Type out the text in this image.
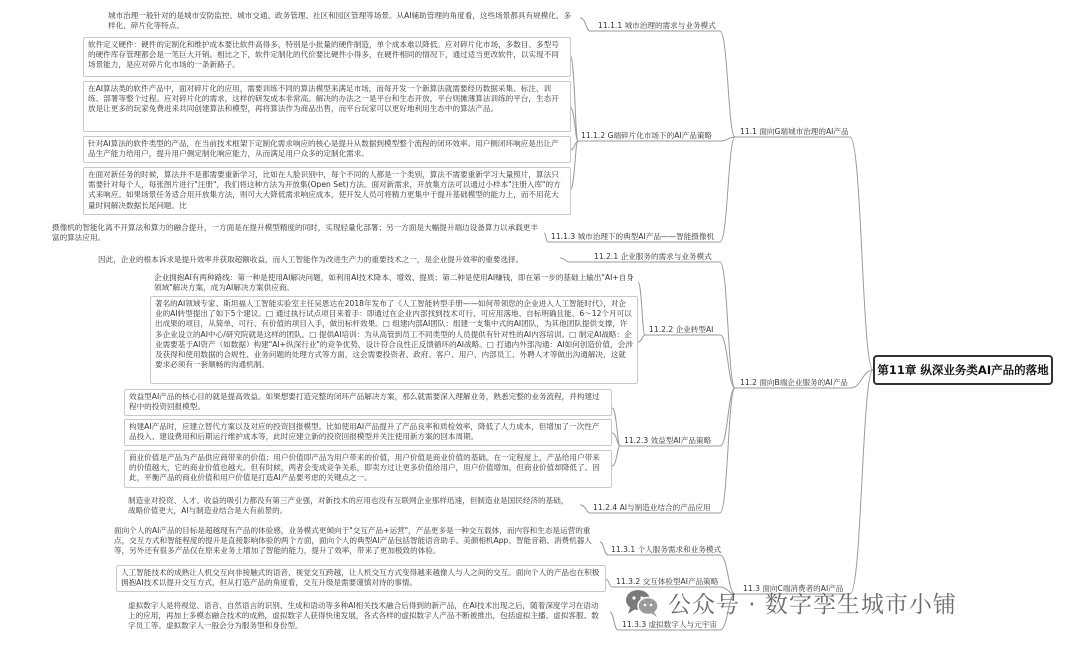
第11章 纵深业务类AI产品的落地
11.1 面向G端城市治理的AI产品
11.2 面向B端企业服务的AI产品
11.3 面向C端消费者的AI产品
11.1.1 城市治理的需求与业务模式
11.1.2 G端碎片化市场下的AI产品策略
11.1.3 城市治理下的典型AI产品——智能摄像机
11.2.1 企业服务的需求与业务模式
11.2.2 企业转型AI
11.2.3 效益型AI产品策略
11.2.4 AI与制造业结合的产品应用
11.3.1 个人服务需求和业务模式
11.3.2 交互体验型AI产品策略
11.3.3 虚拟数字人与元宇宙
城市治理一般针对的是城市安防监控、城市交通、政务管理、社区和园区管理等场景。从AI辅助管理的角度看，这些场景都具有规模化、多样化、碎片化等特点。
软件定义硬件：硬件的定制化和维护成本要比软件高得多，特别是小批量的硬件制造，单个成本难以降低。应对碎片化市场，多数目、多型号的硬件库存管理都会是一笔巨大开销。相比之下，软件定制化的代价要比硬件小得多，在硬件相同的情况下，通过适当更改软件，以实现不同场景能力，是应对碎片化市场的一条新路子。
在AI算法类的软件产品中，面对碎片化的应用，需要训练不同的算法模型来满足市场，而每开发一个新算法就需要经历数据采集、标注、训练、部署等整个过程。应对碎片化的需求，这样的研发成本非常高。解决的办法之一是平台和生态开放，平台则摊薄算法训练的平台，生态开放是让更多的玩家免费进来共同创建算法和模型，再将算法作为商品出售，而平台玩家可以更好地利用生态中的算法产品。
针对AI算法的软件类型的产品，在当前技术框架下定制化需求响应的核心是提升从数据到模型整个流程的闭环效率。用户侧闭环响应是出让产品生产能力给用户，提升用户侧定制化响应能力，从而满足用户众多的定制化需求。
在面对新任务的时候，算法并不是都需要重新学习，比如在人脸识别中，每个不同的人都是一个类别，算法不需要重新学习大量照片，算法只需要针对每个人，每张图片进行"注册"，我们将这种方法为开放集(Open Set)方法。面对新需求，开放集方法可以通过小样本"注册入库"的方式来响应。如果场景任务适合用开放集方法，则可大大降低需求响应成本，使开发人员可将精力更集中于提升基础模型的能力上，而不用花大量时间解决数据长尾问题。比
摄像机的智能化离不开算法和算力的融合提升，一方面是在提升模型精度的同时，实现轻量化部署；另一方面是大幅提升端边设备算力以承载更丰富的算法应用。
因此，企业的根本诉求是提升效率并获取超额收益，而人工智能作为改进生产力的重要技术之一，是企业提升效率的重要选择。
企业拥抱AI有两种路线：第一种是使用AI解决问题，如利用AI技术降本、增效、提质；第二种是使用AI赚钱，即在第一步的基础上输出"AI+自身领域"解决方案，成为AI解决方案供应商。
著名的AI领域专家、斯坦福人工智能实验室主任吴恩达在2018年发布了《人工智能转型手册——如何带领您的企业进入人工智能时代》，对企业的AI转型提出了如下5个建议。□ 通过执行试点项目来着手：即通过在企业内部找到技术可行、可应用落地、自标明确且能、6～12个月可以出成果的项目，从简单、可行、有价值的项目入手，做出标杆效果。□ 组建内部AI团队：组建一支集中式的AI团队，为其他团队提供支撑，许多企业设立的AI中心/研究院就是这样的团队。□ 提供AI培训：为从高管到员工不同类型的人员提供有针对性的AI内容培训。□ 制定AI战略：企业需要基于AI资产（如数据）构建"AI+纵深行业"的竞争优势，设计符合良性正反馈循环的AI战略。□ 打通内外部沟通：AI如何创造价值，会涉及获得和使用数据的合规性、业务问题的处理方式等方面，这会需要投资者、政府、客户、用户、内部员工、外聘人才等做出沟通解决，这就要求必须有一套顺畅的沟通机制。
效益型AI产品的核心目的就是提高效益。如果想要打造完整的闭环产品解决方案，那么就需要深入理解业务，熟悉完整的业务流程，并构建过程中的投资回报模型。
构建AI产品时，应建立替代方案以及对应的投资回报模型。比如使用AI产品提升了产品良率和质检效率，降低了人力成本，但增加了一次性产品投入、建设费用和后期运行维护成本等，此时应建立新的投资回报模型并关注使用新方案的回本周期。
商业价值是产品为产品供应商带来的价值；用户价值即产品为用户带来的价值，用户价值是商业价值的基础。在一定程度上，产品给用户带来的价值越大，它的商业价值也越大。但有时候，两者会变成竞争关系，即卖方过让更多价值给用户，用户价值增加，但商业价值却降低了。因此，平衡产品的商业价值和用户价值是打造AI产品要考虑的关键点之一。
制造业对投资、人才、收益的吸引力都没有第三产业强，对新技术的应用也没有互联网企业那样迅速，但制造业是国民经济的基础，战略价值更大，AI与制造业结合是大有前景的。
面向个人的AI产品的目标是超越现有产品的体验感，业务模式更倾向于"交互产品+运营"，产品更多是一种交互载体，而内容和生态是运营的重点，交互方式和智能程度的提升是直接影响体验的两个方面，面向个人的典型AI产品包括智能语音助手、美颜相机App、智能音箱、消费机器人等，另外还有很多产品仅在原来业务上增加了智能的能力，提升了效率，带来了更加极致的体验。
人工智能技术的成熟让人机交互向非接触式的语音、视觉交互跨越，让人机交互方式变得越来越像人与人之间的交互。面向个人的产品也在积极拥抱AI技术以提升交互方式，但从打造产品的角度看，交互升级是需要谨慎对待的事情。
虚拟数字人是将视觉、语音、自然语言的识别、生成和语动等多种AI相关技术融合后得到的新产品，在AI技术出现之后，随着深度学习在语动上的应用，再加上多模态融合技术的成熟，虚拟数字人获得快速发展，各式各样的虚拟数字人产品不断被推出，包括虚拟主播、虚拟客服、数字员工等。虚拟数字人一般会分为服务型和身份型。
公众号 · 数字孪生城市小铺
